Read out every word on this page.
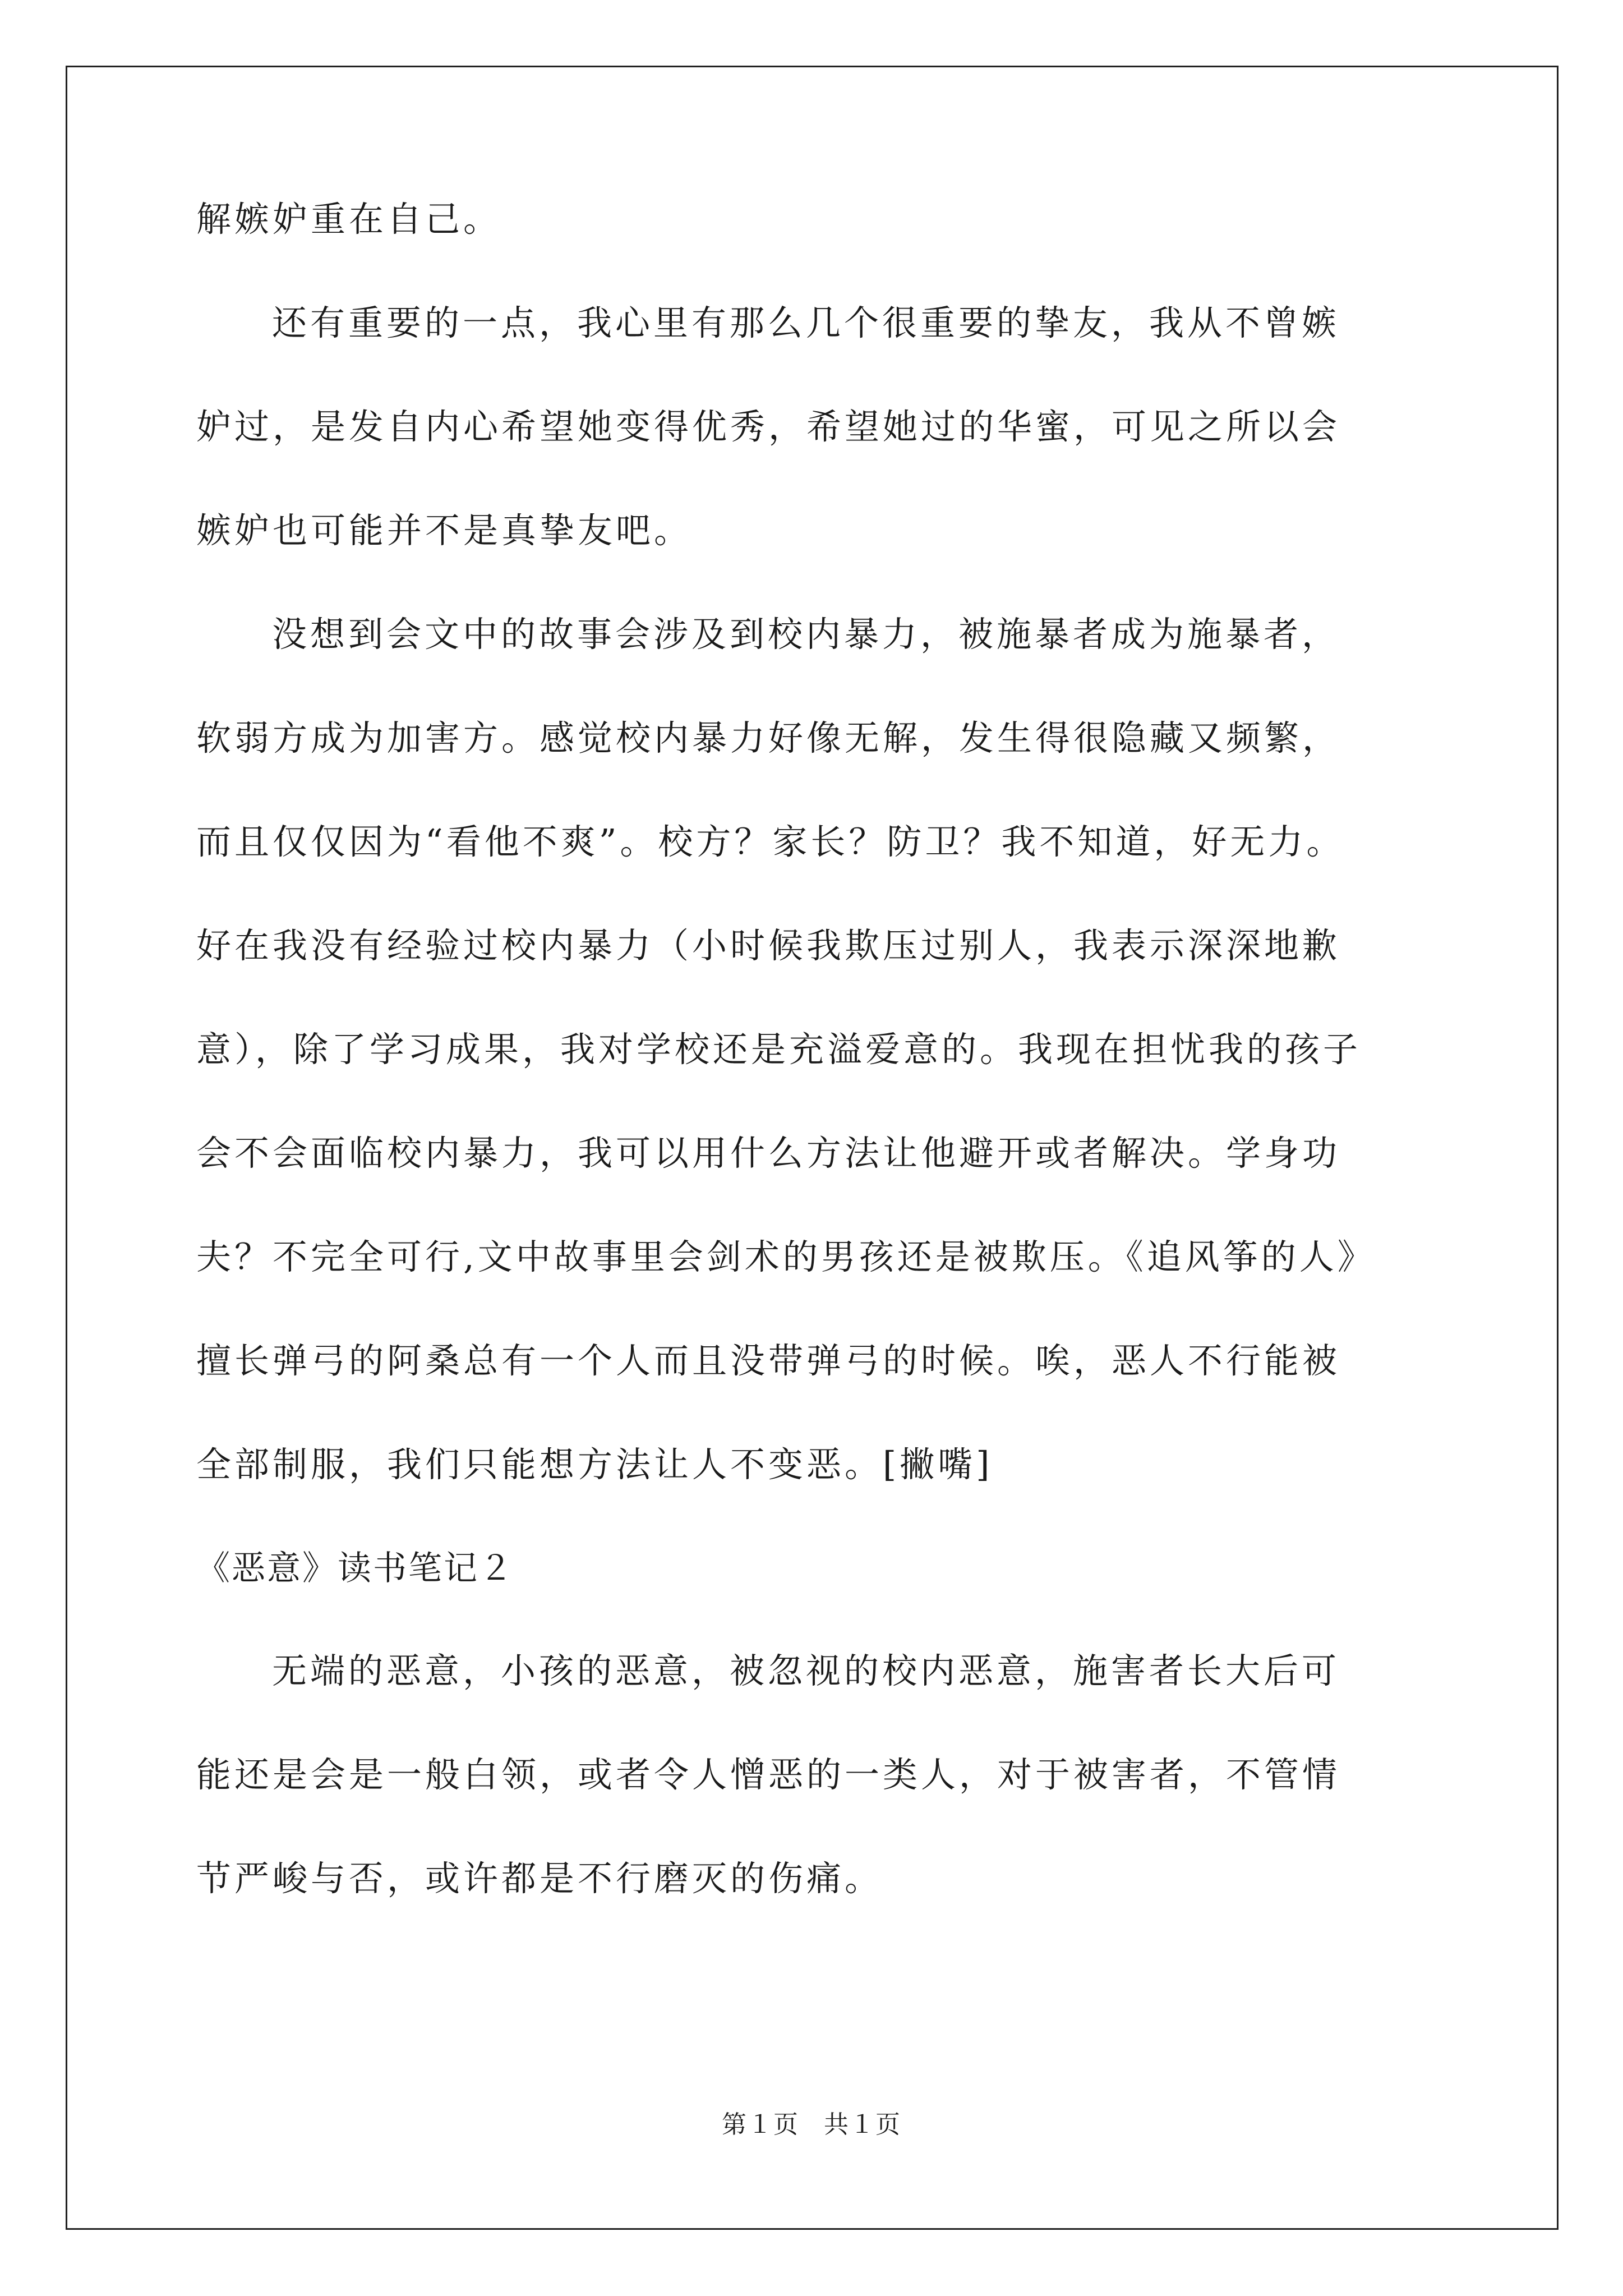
解嫉妒重在自己。
还有重要的一点，我心里有那么几个很重要的挚友，我从不曾嫉
妒过，是发自内心希望她变得优秀，希望她过的华蜜，可见之所以会
嫉妒也可能并不是真挚友吧。
没想到会文中的故事会涉及到校内暴力，被施暴者成为施暴者，
软弱方成为加害方。感觉校内暴力好像无解，发生得很隐藏又频繁，
而且仅仅因为“看他不爽”。校方？家长？防卫？我不知道，好无力。
好在我没有经验过校内暴力（小时候我欺压过别人，我表示深深地歉
意），除了学习成果，我对学校还是充溢爱意的。我现在担忧我的孩子
会不会面临校内暴力，我可以用什么方法让他避开或者解决。学身功
夫？不完全可行,文中故事里会剑术的男孩还是被欺压。《追风筝的人》
擅长弹弓的阿桑总有一个人而且没带弹弓的时候。唉，恶人不行能被
全部制服，我们只能想方法让人不变恶。[撇嘴]
《恶意》读书笔记２
无端的恶意，小孩的恶意，被忽视的校内恶意，施害者长大后可
能还是会是一般白领，或者令人憎恶的一类人，对于被害者，不管情
节严峻与否，或许都是不行磨灭的伤痛。
第１页 共１页
